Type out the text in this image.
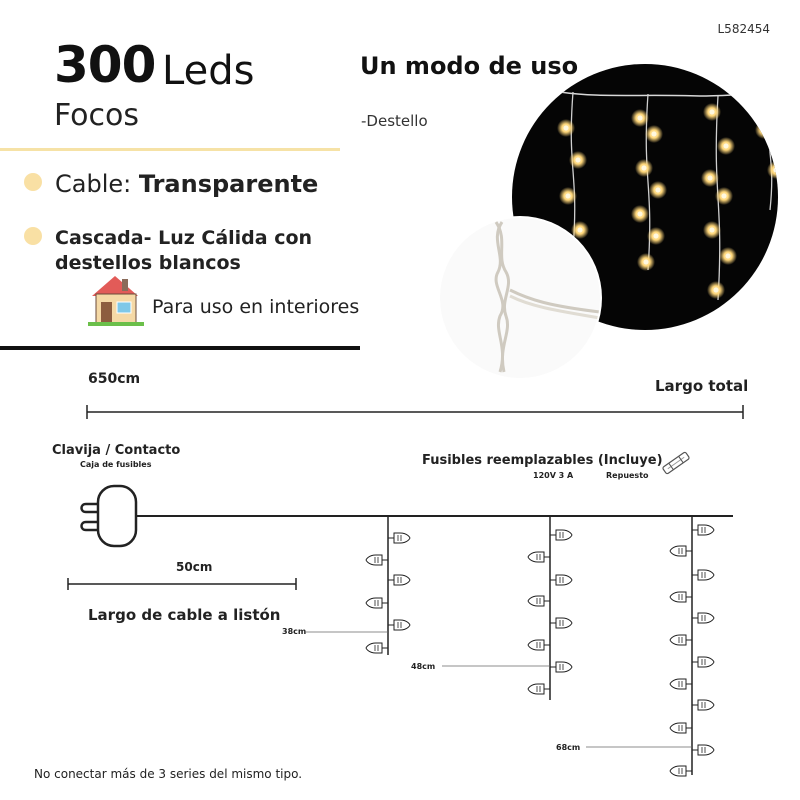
L582454
300 Leds
Focos
Cable: Transparente
Cascada- Luz Cálida con
destellos blancos
Un modo de uso
-Destello
Para uso en interiores
650cm	Largo total
Clavija / Contacto
Caja de fusibles	Fusibles reemplazables (Incluye)
120V 3 A	Repuesto
50cm
Largo de cable a listón
38cm
48cm
68cm
No conectar más de 3 series del mismo tipo.
